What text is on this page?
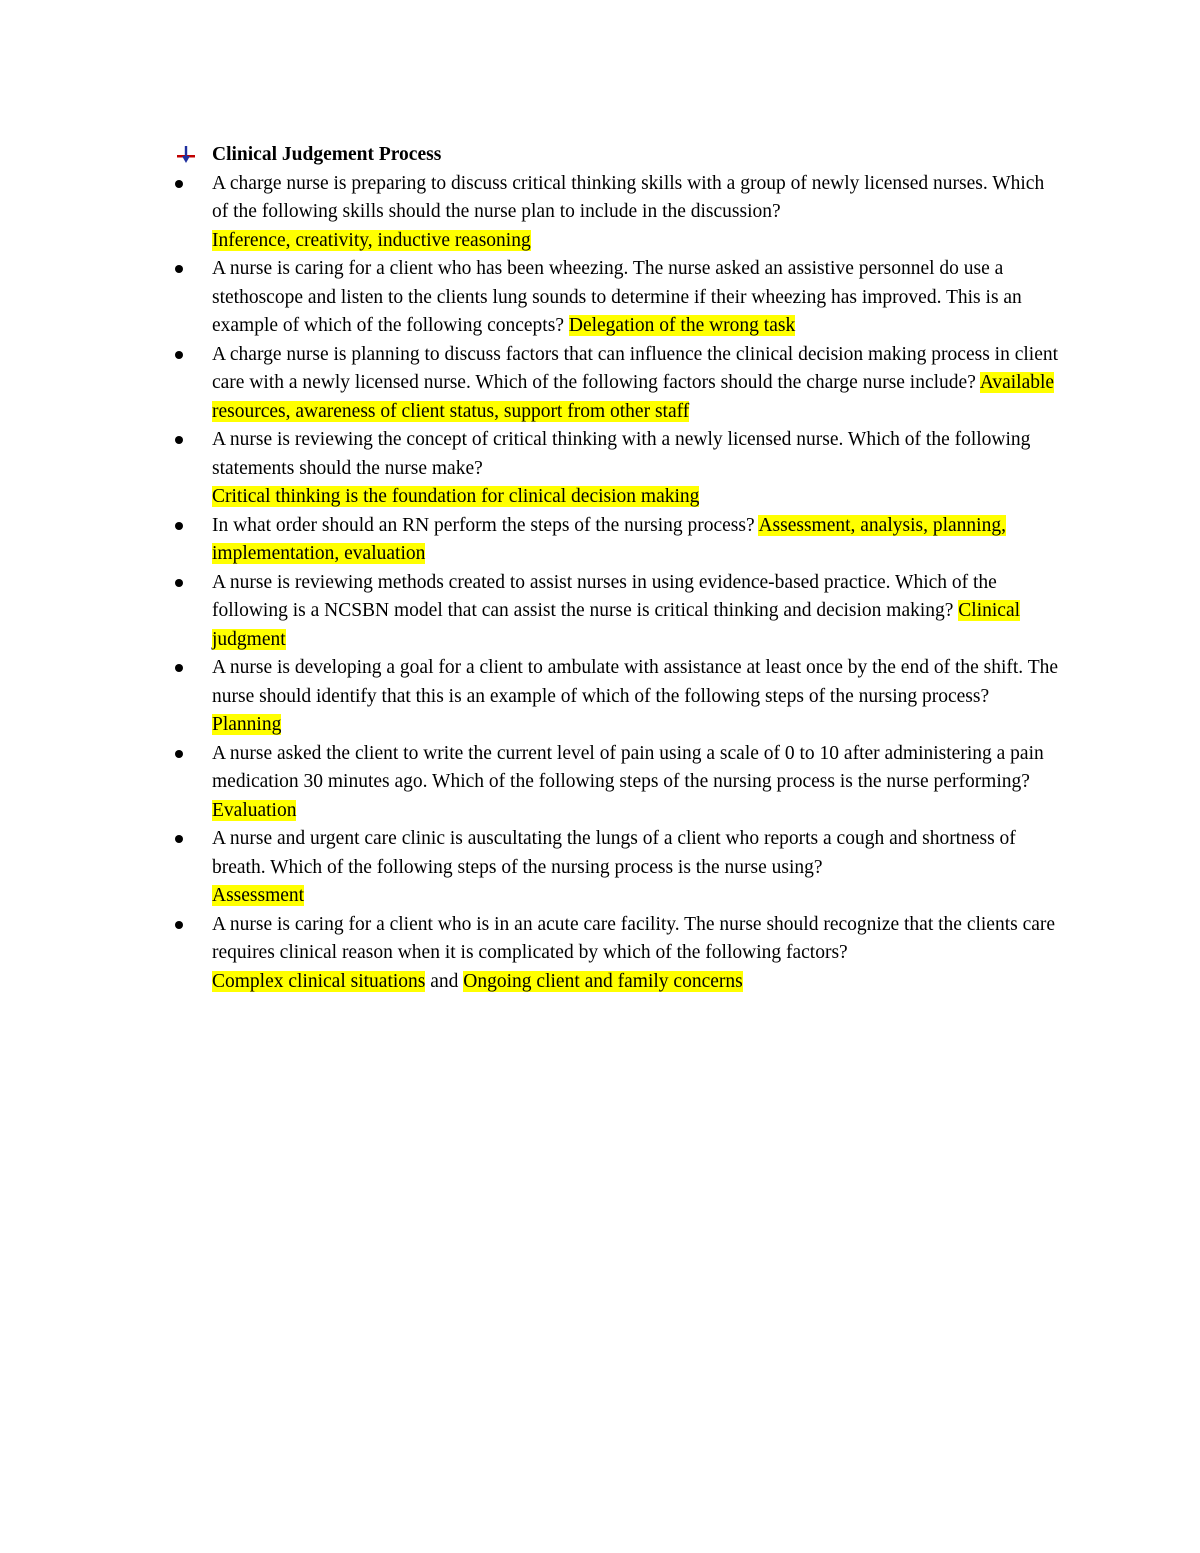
Clinical Judgement Process
A charge nurse is preparing to discuss critical thinking skills with a group of newly licensed nurses. Which of the following skills should the nurse plan to include in the discussion?
Inference, creativity, inductive reasoning
A nurse is caring for a client who has been wheezing. The nurse asked an assistive personnel do use a stethoscope and listen to the clients lung sounds to determine if their wheezing has improved. This is an example of which of the following concepts? Delegation of the wrong task
A charge nurse is planning to discuss factors that can influence the clinical decision making process in client care with a newly licensed nurse. Which of the following factors should the charge nurse include? Available resources, awareness of client status, support from other staff
A nurse is reviewing the concept of critical thinking with a newly licensed nurse. Which of the following statements should the nurse make?
Critical thinking is the foundation for clinical decision making
In what order should an RN perform the steps of the nursing process? Assessment, analysis, planning, implementation, evaluation
A nurse is reviewing methods created to assist nurses in using evidence-based practice. Which of the following is a NCSBN model that can assist the nurse is critical thinking and decision making? Clinical judgment
A nurse is developing a goal for a client to ambulate with assistance at least once by the end of the shift. The nurse should identify that this is an example of which of the following steps of the nursing process? Planning
A nurse asked the client to write the current level of pain using a scale of 0 to 10 after administering a pain medication 30 minutes ago. Which of the following steps of the nursing process is the nurse performing? Evaluation
A nurse and urgent care clinic is auscultating the lungs of a client who reports a cough and shortness of breath. Which of the following steps of the nursing process is the nurse using?
Assessment
A nurse is caring for a client who is in an acute care facility. The nurse should recognize that the clients care requires clinical reason when it is complicated by which of the following factors?
Complex clinical situations and Ongoing client and family concerns
